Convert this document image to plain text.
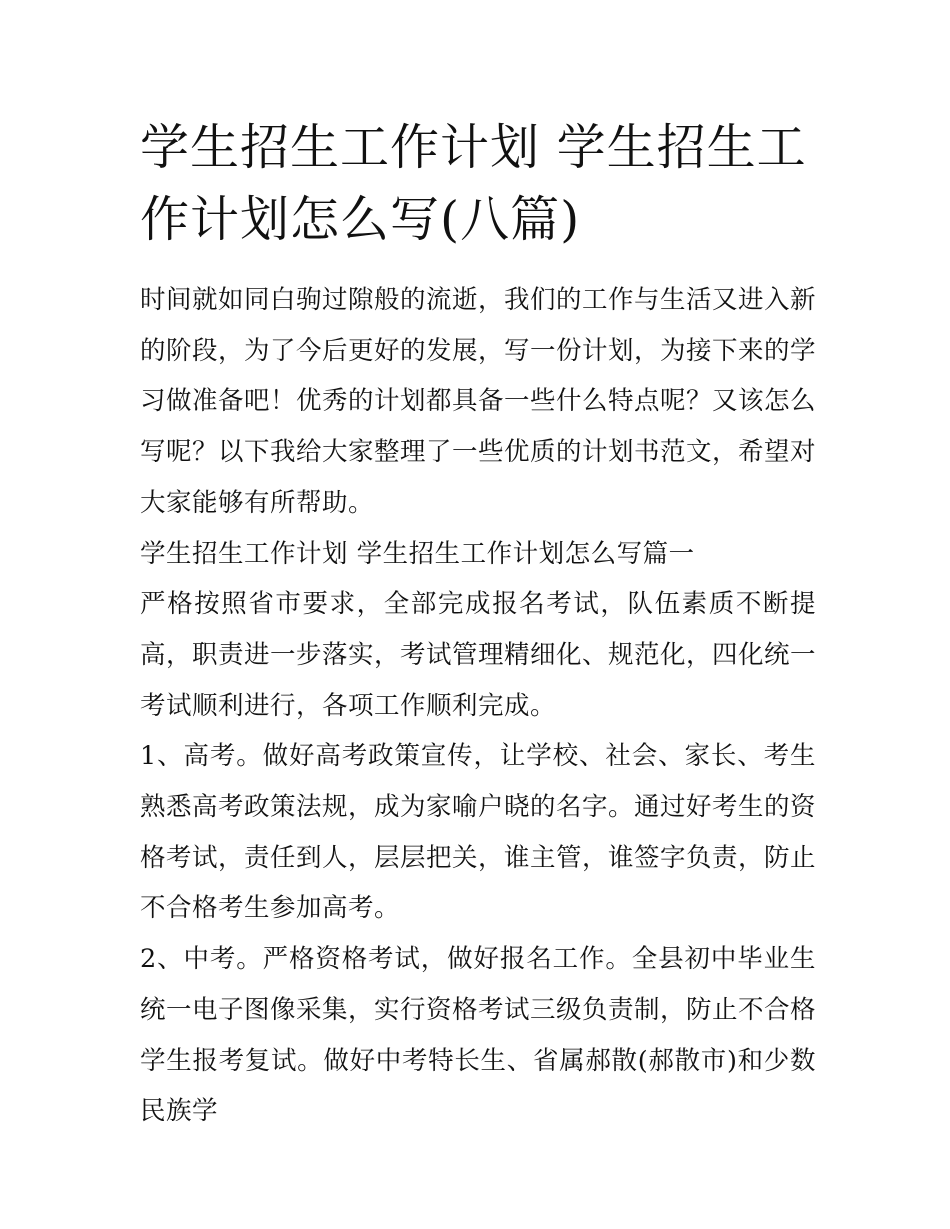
学生招生工作计划 学生招生工作计划怎么写(八篇)

时间就如同白驹过隙般的流逝，我们的工作与生活又进入新的阶段，为了今后更好的发展，写一份计划，为接下来的学习做准备吧！优秀的计划都具备一些什么特点呢？又该怎么写呢？以下我给大家整理了一些优质的计划书范文，希望对大家能够有所帮助。

学生招生工作计划 学生招生工作计划怎么写篇一

严格按照省市要求，全部完成报名考试，队伍素质不断提高，职责进一步落实，考试管理精细化、规范化，四化统一考试顺利进行，各项工作顺利完成。

1、高考。做好高考政策宣传，让学校、社会、家长、考生熟悉高考政策法规，成为家喻户晓的名字。通过好考生的资格考试，责任到人，层层把关，谁主管，谁签字负责，防止不合格考生参加高考。

2、中考。严格资格考试，做好报名工作。全县初中毕业生统一电子图像采集，实行资格考试三级负责制，防止不合格学生报考复试。做好中考特长生、省属郝散(郝散市)和少数民族学
